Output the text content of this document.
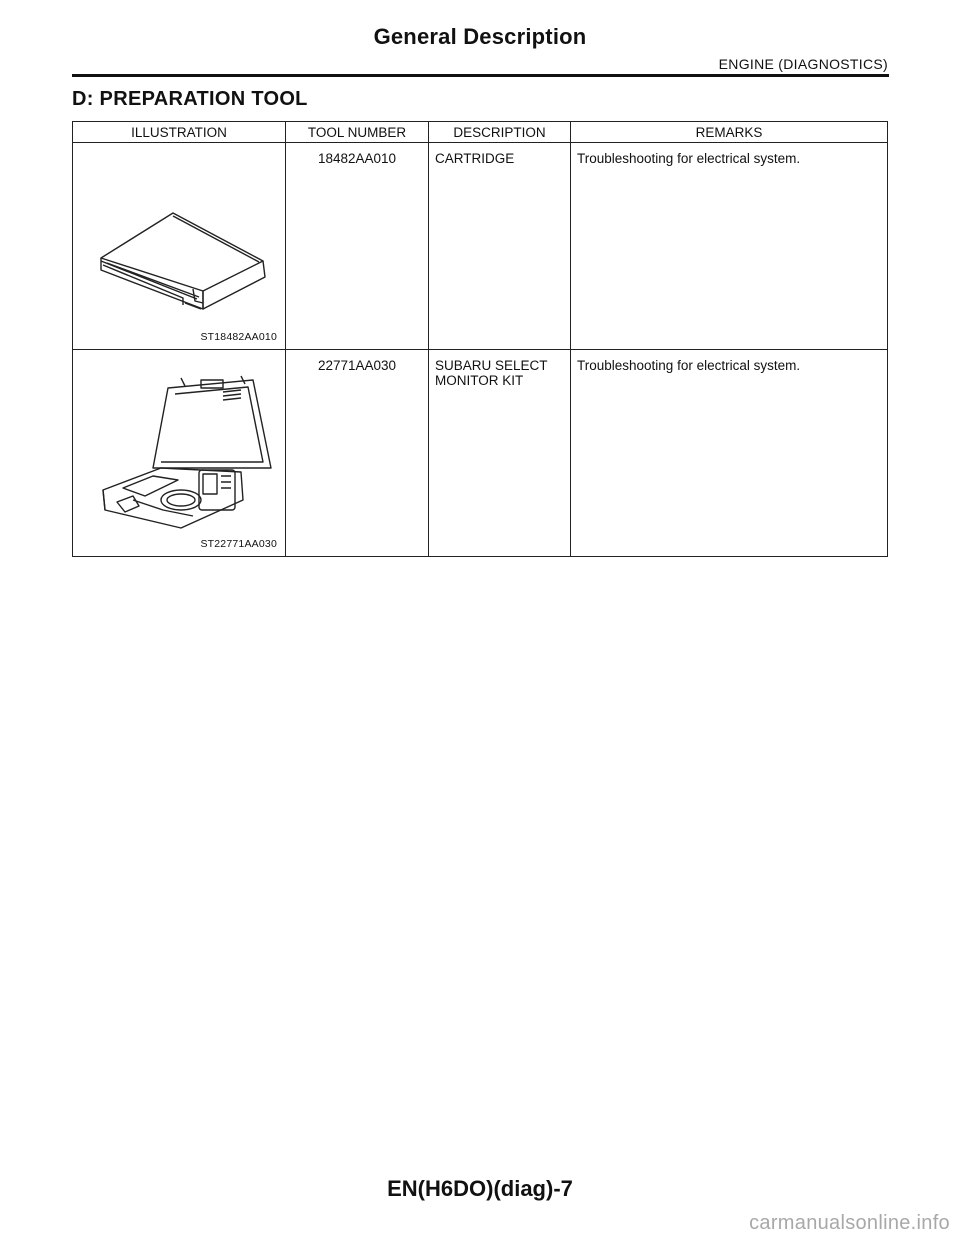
General Description
ENGINE (DIAGNOSTICS)
D: PREPARATION TOOL
ILLUSTRATION	TOOL NUMBER	DESCRIPTION	REMARKS

ST18482AA010	18482AA010	CARTRIDGE	Troubleshooting for electrical system.

ST22771AA030	22771AA030	SUBARU SELECT MONITOR KIT	Troubleshooting for electrical system.
EN(H6DO)(diag)-7
carmanualsonline.info
